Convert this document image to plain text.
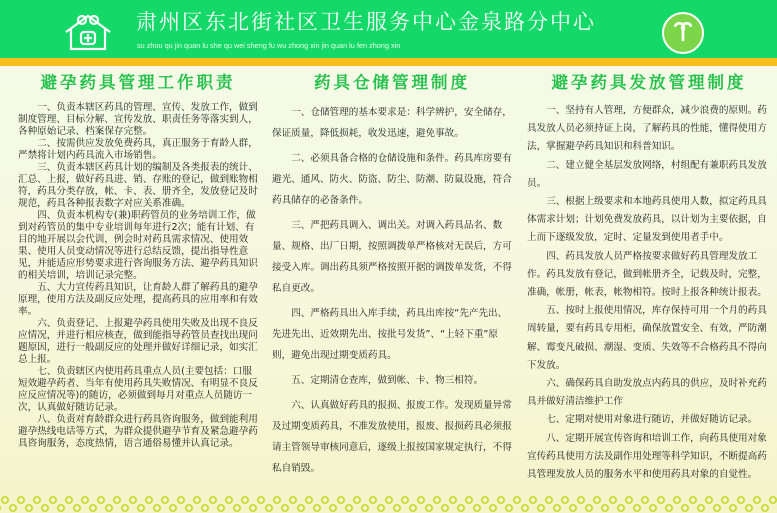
肃州区东北街社区卫生服务中心金泉路分中心
su zhou qu jin quan lu she qu wei sheng fu wu zhong xin jin quan lu fen zhong xin
避孕药具管理工作职责

一、负责本辖区药具的管理、宣传、发放工作，做到制度管理、目标分解、宣传发放、职责任务等落实到人，各种原始记录、档案保存完整。

二、按需供应发放免费药具，真正服务于育龄人群，严禁将计划内药具流入市场销售。

三、负责本辖区药具计划的编制及各类报表的统计、汇总、上报，做好药具进、销、存账的登记，做到账物相符，药具分类存放，帐、卡、表、册齐全，发放登记及时规范，药具各种报表数字对应关系准确。

四、负责本机构专(兼)职药管员的业务培训工作，做到对药管员的集中专业培训每年进行2次；能有计划、有目的地开展以会代训，例会时对药具需求情况、使用效果、使用人员变动情况等进行总结反馈，提出指导性意见，并能适应形势要求进行咨询服务方法、避孕药具知识的相关培训，培训记录完整。

五、大力宣传药具知识，让育龄人群了解药具的避孕原理，使用方法及副反应处理，提高药具的应用率和有效率。

六、负责登记、上报避孕药具使用失败及出现不良反应情况，并进行相应核查，做到能指导药管员查找出现问题原因，进行一般副反应的处理并做好详细记录，如实汇总上报。

七、负责辖区内使用药具重点人员(主要包括：口服短效避孕药者、当年有使用药具失败情况、有明显不良反应反应情况等)的随访，必须做到每月对重点人员随访一次，认真做好随访记录。

八、负责对育龄群众进行药具咨询服务，做到能利用避孕热线电话等方式，为群众提供避孕节育及紧急避孕药具咨询服务，态度热情，语言通俗易懂并认真记录。

药具仓储管理制度

一、仓储管理的基本要求是：科学辨护，安全储存，保证质量，降低损耗，收发迅速，避免事故。

二、必须具备合格的仓储设施和条件。药具库房要有避光、通风、防火、防盗、防尘、防潮、防鼠设施，符合药具储存的必备条件。

三、严把药具调入、调出关。对调入药具品名、数量、规格、出厂日期，按照调拨单严格核对无误后，方可接受入库。调出药具须严格按照开据的调拨单发货，不得私自更改。

四、严格药具出入库手续，药具出库按“先产先出、先进先出、近效期先出、按批号发货”、“上轻下重”原则，避免出现过期变质药具。

五、定期清仓查库，做到帐、卡、物三相符。

六、认真做好药具的报损、报废工作。发现质量异常及过期变质药具，不准发放使用，报废、报损药具必须报请主管领导审核同意后，逐级上报按国家规定执行，不得私自销毁。

避孕药具发放管理制度

一、坚持有人管理，方便群众，减少浪费的原则。药具发放人员必须持证上岗，了解药具的性能，懂得使用方法，掌握避孕药具知识和科普知识。

二、建立健全基层发放网络，村组配有兼职药具发放员。

三、根据上级要求和本地药具使用人数，拟定药具具体需求计划；计划免费发放药具，以计划为主要依据，自上而下逐级发放，定时、定量发到使用者手中。

四、药具发放人员严格按要求做好药具管理发放工作。药具发放有登记，做到帐册齐全，记载及时，完整，准确，帐册，帐表，帐物相符。按时上报各种统计报表。

五、按时上报使用情况，库存保持可用一个月的药具周转量，要有药具专用柜，确保放置安全、有效，严防潮解、霉变凡破损、潮湿、变质、失效等不合格药具不得向下发放。

六、确保药具自助发放点内药具的供应，及时补充药具并做好清洁维护工作

七、定期对使用对象进行随访，并做好随访记录。

八、定期开展宣传咨询和培训工作，向药具使用对象宣传药具使用方法及副作用处理等科学知识，不断提高药具管理发放人员的服务水平和使用药具对象的自觉性。
